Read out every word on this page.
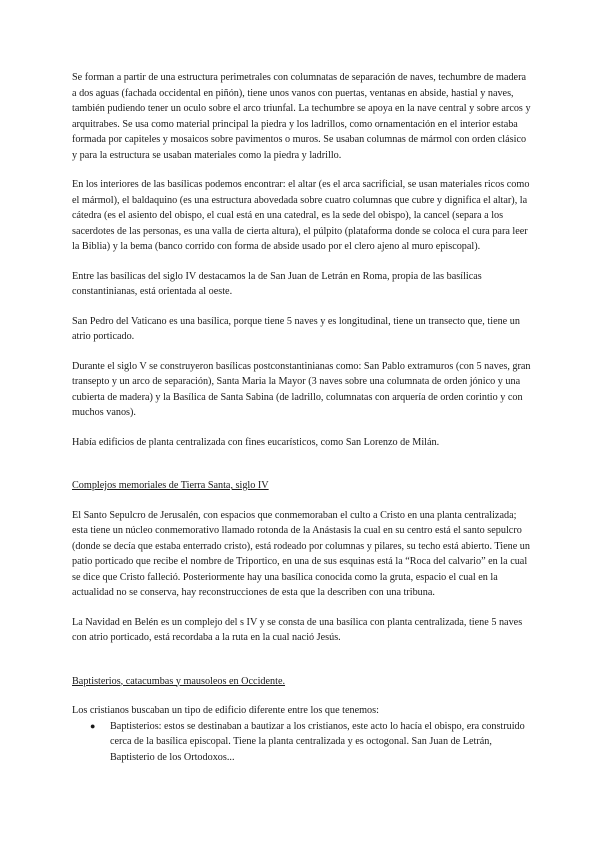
Se forman a partir de una estructura perimetrales con columnatas de separación de naves, techumbre de madera a dos aguas (fachada occidental en piñón), tiene unos vanos con puertas, ventanas en abside, hastial y naves, también pudiendo tener un oculo sobre el arco triunfal. La techumbre se apoya en la nave central y sobre arcos y arquitrabes. Se usa como material principal la piedra y los ladrillos, como ornamentación en el interior estaba formada por capiteles y mosaicos sobre pavimentos o muros. Se usaban columnas de mármol con orden clásico y para la estructura se usaban materiales como la piedra y ladrillo.

En los interiores de las basílicas podemos encontrar: el altar (es el arca sacrificial, se usan materiales ricos como el mármol), el baldaquino (es una estructura abovedada sobre cuatro columnas que cubre y dignifica el altar), la cátedra (es el asiento del obispo, el cual está en una catedral, es la sede del obispo), la cancel (separa a los sacerdotes de las personas, es una valla de cierta altura), el púlpito (plataforma donde se coloca el cura para leer la Biblia) y la bema (banco corrido con forma de abside usado por el clero ajeno al muro episcopal).

Entre las basílicas del siglo IV destacamos la de San Juan de Letrán en Roma, propia de las basílicas constantinianas, está orientada al oeste.

San Pedro del Vaticano es una basílica, porque tiene 5 naves y es longitudinal, tiene un transecto que, tiene un atrio porticado.

Durante el siglo V se construyeron basílicas postconstantinianas como: San Pablo extramuros (con 5 naves, gran transepto y un arco de separación), Santa Maria la Mayor (3 naves sobre una columnata de orden jónico y una cubierta de madera) y la Basílica de Santa Sabina (de ladrillo, columnatas con arquería de orden corintio y con muchos vanos).

Había edificios de planta centralizada con fines eucarísticos, como San Lorenzo de Milán.

Complejos memoriales de Tierra Santa, siglo IV

El Santo Sepulcro de Jerusalén, con espacios que conmemoraban el culto a Cristo en una planta centralizada; esta tiene un núcleo conmemorativo llamado rotonda de la Anástasis la cual en su centro está el santo sepulcro (donde se decía que estaba enterrado cristo), está rodeado por columnas y pilares, su techo está abierto. Tiene un patio porticado que recibe el nombre de Triportico, en una de sus esquinas está la “Roca del calvario” en la cual se dice que Cristo falleció. Posteriormente hay una basílica conocida como la gruta, espacio el cual en la actualidad no se conserva, hay reconstrucciones de esta que la describen con una tribuna.

La Navidad en Belén es un complejo del s IV y se consta de una basílica con planta centralizada, tiene 5 naves con atrio porticado, está recordaba a la ruta en la cual nació Jesús.

Baptisterios, catacumbas y mausoleos en Occidente.

Los cristianos buscaban un tipo de edificio diferente entre los que tenemos:

● Baptisterios: estos se destinaban a bautizar a los cristianos, este acto lo hacía el obispo, era construido cerca de la basílica episcopal. Tiene la planta centralizada y es octogonal. San Juan de Letrán, Baptisterio de los Ortodoxos...
